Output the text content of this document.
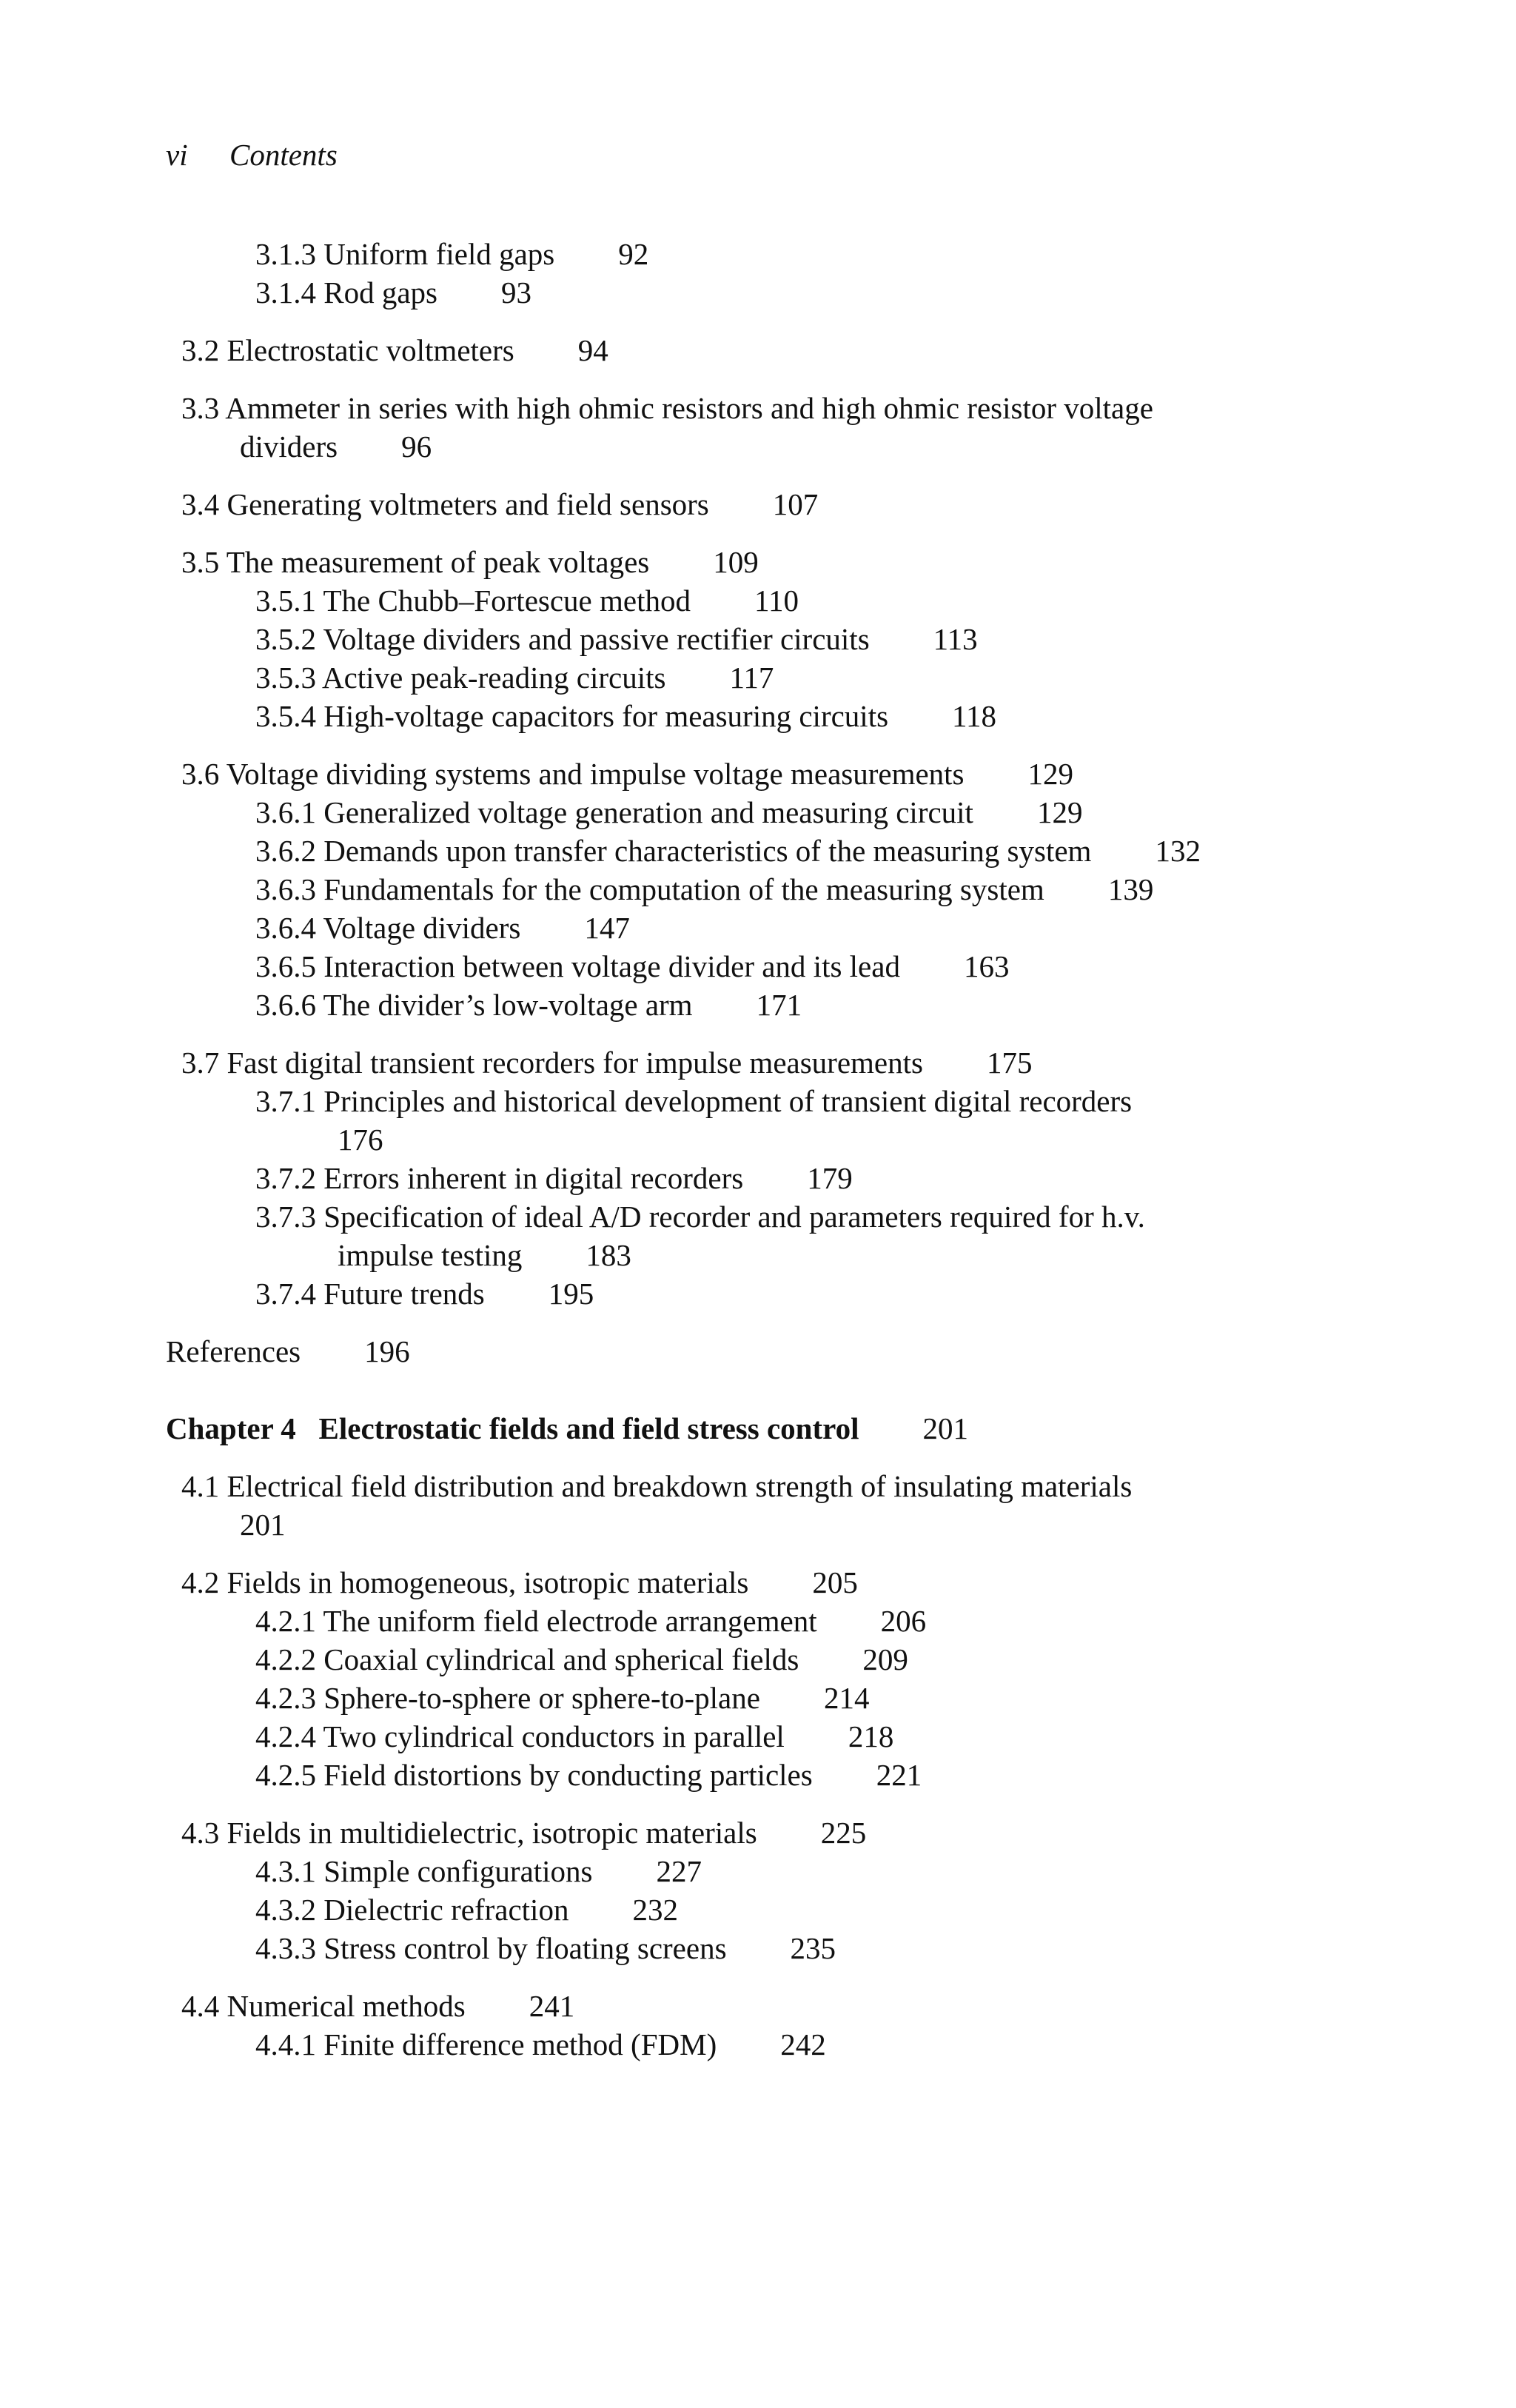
vi Contents
3.1.3 Uniform field gaps 92
3.1.4 Rod gaps 93
3.2 Electrostatic voltmeters 94
3.3 Ammeter in series with high ohmic resistors and high ohmic resistor voltage
dividers 96
3.4 Generating voltmeters and field sensors 107
3.5 The measurement of peak voltages 109
3.5.1 The Chubb–Fortescue method 110
3.5.2 Voltage dividers and passive rectifier circuits 113
3.5.3 Active peak-reading circuits 117
3.5.4 High-voltage capacitors for measuring circuits 118
3.6 Voltage dividing systems and impulse voltage measurements 129
3.6.1 Generalized voltage generation and measuring circuit 129
3.6.2 Demands upon transfer characteristics of the measuring system 132
3.6.3 Fundamentals for the computation of the measuring system 139
3.6.4 Voltage dividers 147
3.6.5 Interaction between voltage divider and its lead 163
3.6.6 The divider’s low-voltage arm 171
3.7 Fast digital transient recorders for impulse measurements 175
3.7.1 Principles and historical development of transient digital recorders
176
3.7.2 Errors inherent in digital recorders 179
3.7.3 Specification of ideal A/D recorder and parameters required for h.v.
impulse testing 183
3.7.4 Future trends 195
References 196
Chapter 4   Electrostatic fields and field stress control 201
4.1 Electrical field distribution and breakdown strength of insulating materials
201
4.2 Fields in homogeneous, isotropic materials 205
4.2.1 The uniform field electrode arrangement 206
4.2.2 Coaxial cylindrical and spherical fields 209
4.2.3 Sphere-to-sphere or sphere-to-plane 214
4.2.4 Two cylindrical conductors in parallel 218
4.2.5 Field distortions by conducting particles 221
4.3 Fields in multidielectric, isotropic materials 225
4.3.1 Simple configurations 227
4.3.2 Dielectric refraction 232
4.3.3 Stress control by floating screens 235
4.4 Numerical methods 241
4.4.1 Finite difference method (FDM) 242
